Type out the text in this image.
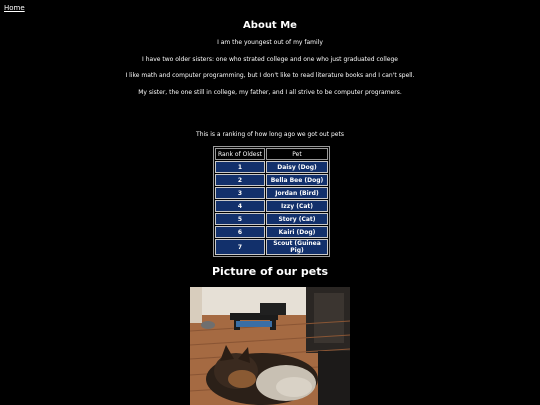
Home
About Me
I am the youngest out of my family
I have two older sisters: one who strated college and one who just graduated college
I like math and computer programming, but I don't like to read literature books and I can't spell.
My sister, the one still in college, my father, and I all strive to be computer programers.
This is a ranking of how long ago we got out pets
Rank of Oldest	Pet
1	Daisy (Dog)
2	Bella Bee (Dog)
3	Jordan (Bird)
4	Izzy (Cat)
5	Story (Cat)
6	Kairi (Dog)
7	Scout (Guinea Pig)
Picture of our pets
